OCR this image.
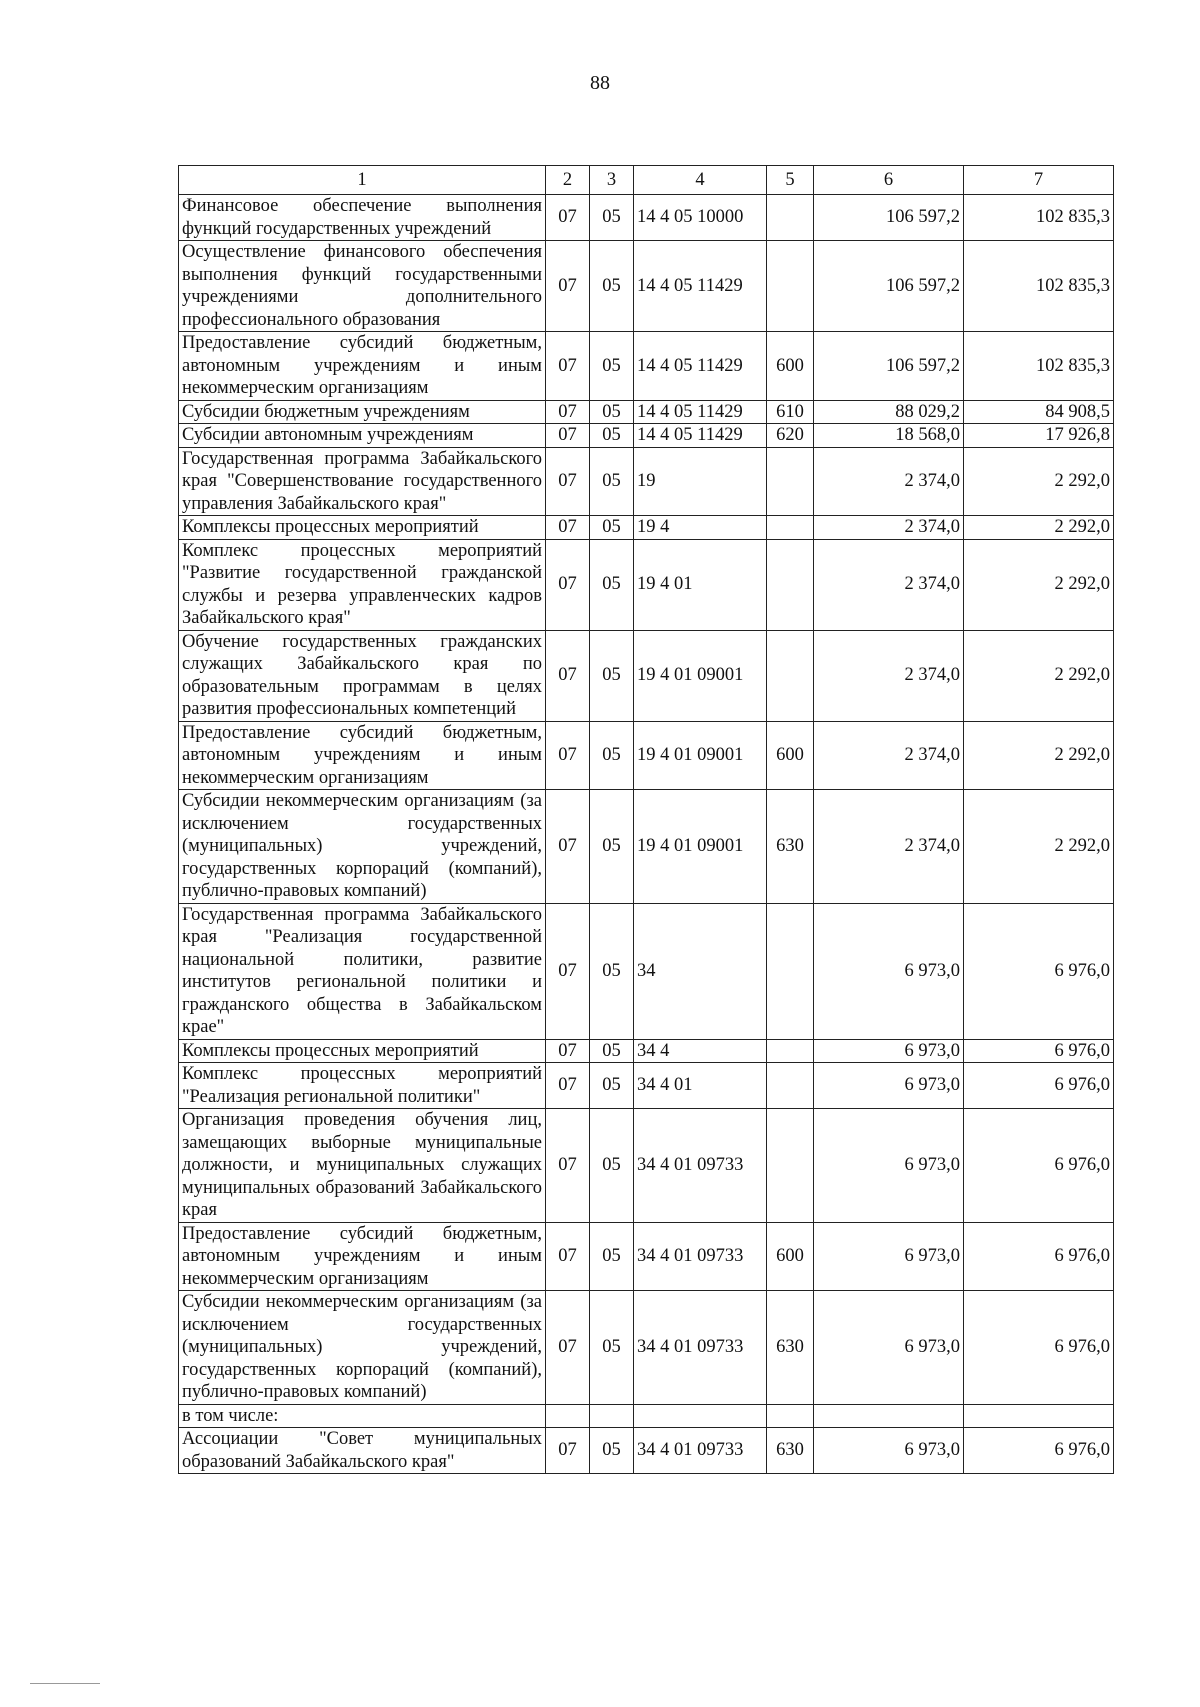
88
1	2	3	4	5	6	7
Финансовое обеспечение выполнения функций государственных учреждений	07	05	14 4 05 10000		106 597,2	102 835,3
Осуществление финансового обеспечения выполнения функций государственными учреждениями дополнительного профессионального образования	07	05	14 4 05 11429		106 597,2	102 835,3
Предоставление субсидий бюджетным, автономным учреждениям и иным некоммерческим организациям	07	05	14 4 05 11429	600	106 597,2	102 835,3
Субсидии бюджетным учреждениям	07	05	14 4 05 11429	610	88 029,2	84 908,5
Субсидии автономным учреждениям	07	05	14 4 05 11429	620	18 568,0	17 926,8
Государственная программа Забайкальского края "Совершенствование государственного управления Забайкальского края"	07	05	19		2 374,0	2 292,0
Комплексы процессных мероприятий	07	05	19 4		2 374,0	2 292,0
Комплекс процессных мероприятий "Развитие государственной гражданской службы и резерва управленческих кадров Забайкальского края"	07	05	19 4 01		2 374,0	2 292,0
Обучение государственных гражданских служащих Забайкальского края по образовательным программам в целях развития профессиональных компетенций	07	05	19 4 01 09001		2 374,0	2 292,0
Предоставление субсидий бюджетным, автономным учреждениям и иным некоммерческим организациям	07	05	19 4 01 09001	600	2 374,0	2 292,0
Субсидии некоммерческим организациям (за исключением государственных (муниципальных) учреждений, государственных корпораций (компаний), публично-правовых компаний)	07	05	19 4 01 09001	630	2 374,0	2 292,0
Государственная программа Забайкальского края "Реализация государственной национальной политики, развитие институтов региональной политики и гражданского общества в Забайкальском крае"	07	05	34		6 973,0	6 976,0
Комплексы процессных мероприятий	07	05	34 4		6 973,0	6 976,0
Комплекс процессных мероприятий "Реализация региональной политики"	07	05	34 4 01		6 973,0	6 976,0
Организация проведения обучения лиц, замещающих выборные муниципальные должности, и муниципальных служащих муниципальных образований Забайкальского края	07	05	34 4 01 09733		6 973,0	6 976,0
Предоставление субсидий бюджетным, автономным учреждениям и иным некоммерческим организациям	07	05	34 4 01 09733	600	6 973,0	6 976,0
Субсидии некоммерческим организациям (за исключением государственных (муниципальных) учреждений, государственных корпораций (компаний), публично-правовых компаний)	07	05	34 4 01 09733	630	6 973,0	6 976,0
в том числе:						
Ассоциации "Совет муниципальных образований Забайкальского края"	07	05	34 4 01 09733	630	6 973,0	6 976,0
